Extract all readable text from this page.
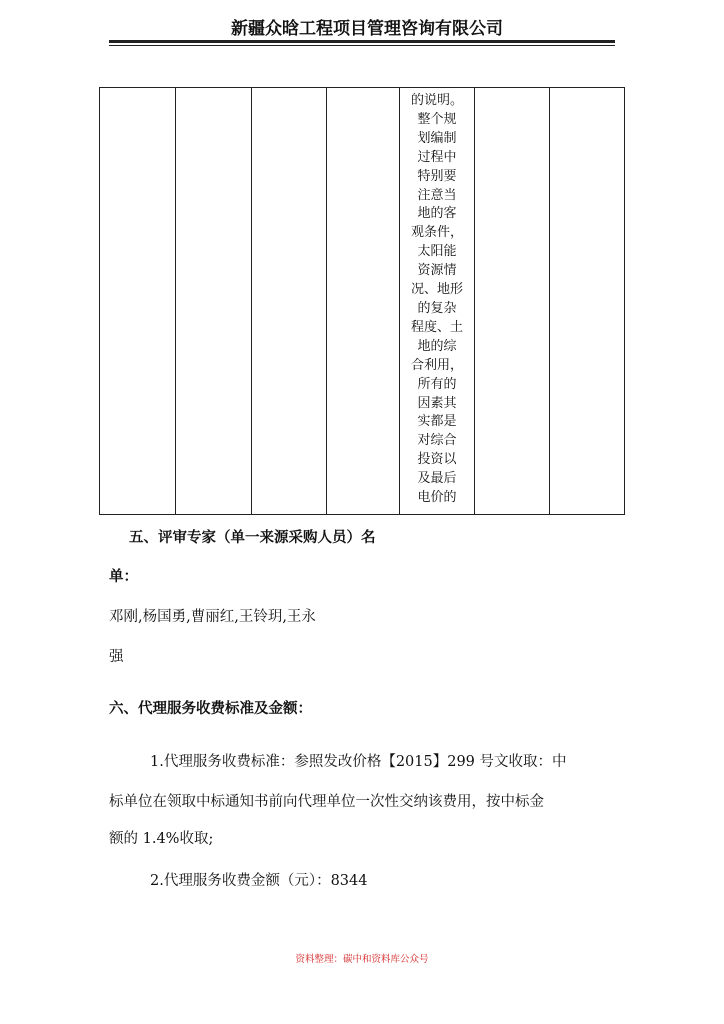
新疆众晗工程项目管理咨询有限公司

的说明。
整个规
划编制
过程中
特别要
注意当
地的客
观条件，
太阳能
资源情
况、地形
的复杂
程度、土
地的综
合利用，
所有的
因素其
实都是
对综合
投资以
及最后
电价的

五、评审专家（单一来源采购人员）名
单：
邓刚,杨国勇,曹丽红,王铃玥,王永
强
六、代理服务收费标准及金额：
1.代理服务收费标准：参照发改价格【2015】299 号文收取：中
标单位在领取中标通知书前向代理单位一次性交纳该费用，按中标金
额的 1.4%收取;
2.代理服务收费金额（元）：8344
资料整理：碳中和资料库公众号
